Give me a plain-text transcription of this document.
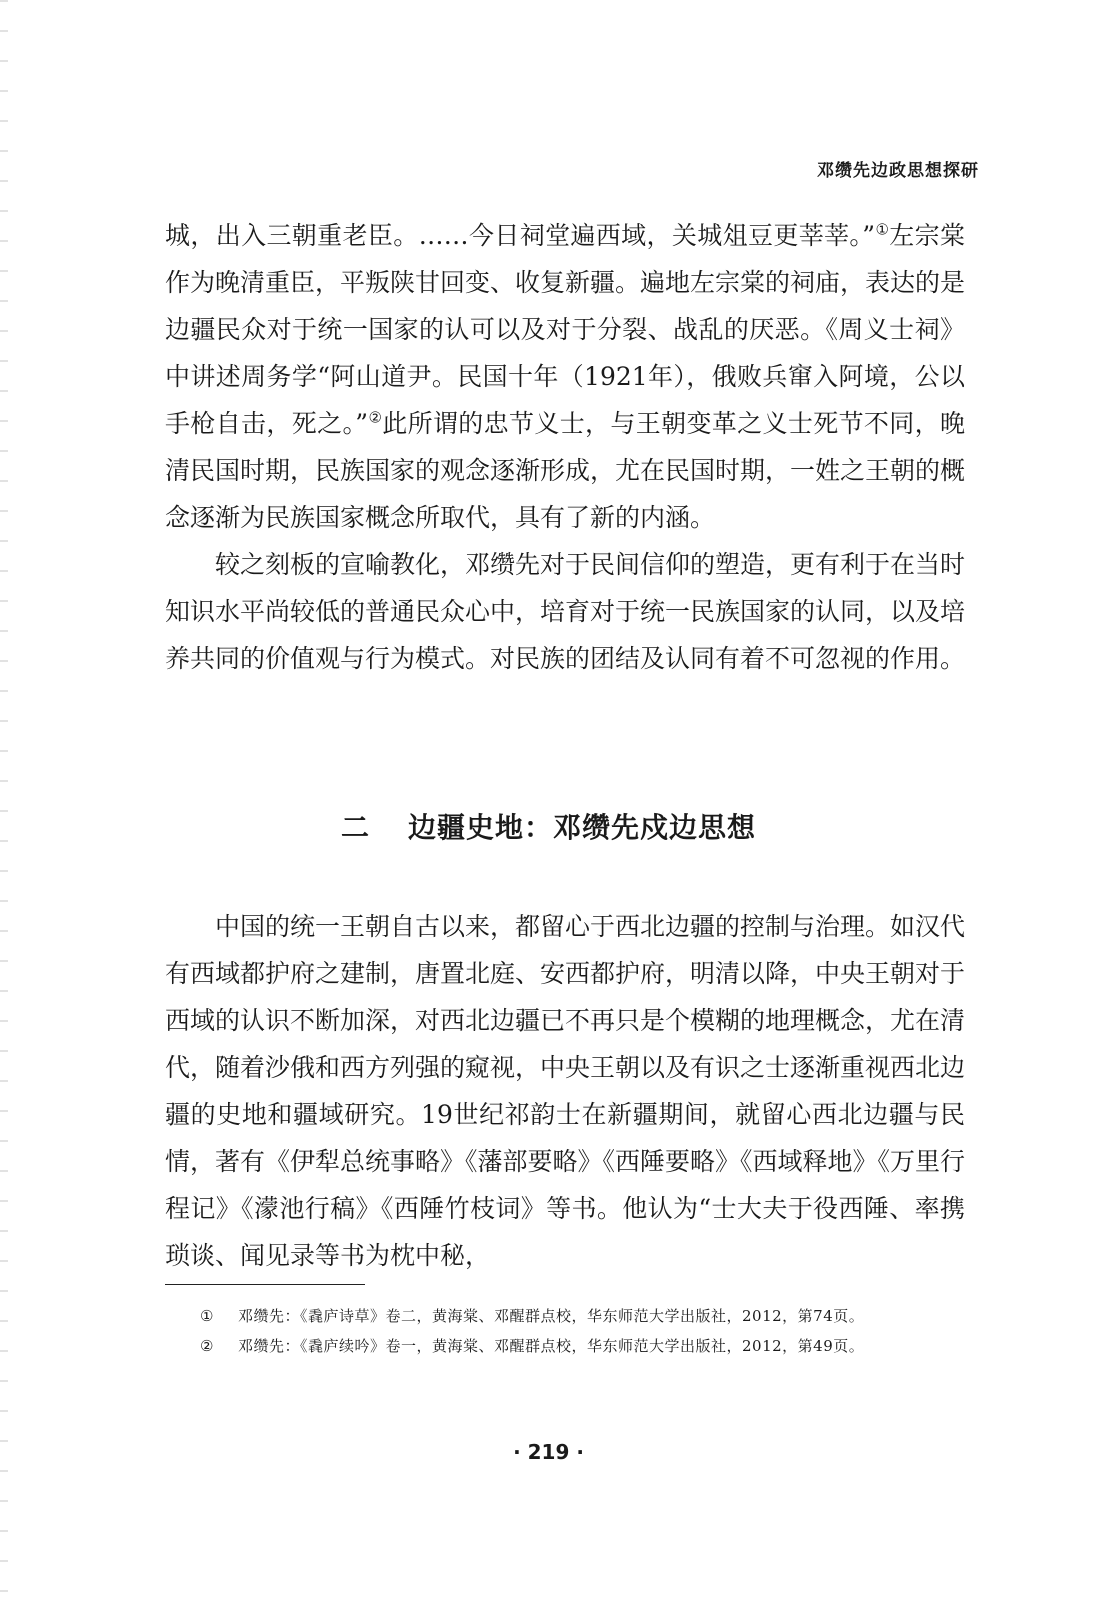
邓缵先边政思想探研

城，出入三朝重老臣。……今日祠堂遍西域，关城俎豆更莘莘。”①左宗棠作为晚清重臣，平叛陕甘回变、收复新疆。遍地左宗棠的祠庙，表达的是边疆民众对于统一国家的认可以及对于分裂、战乱的厌恶。《周义士祠》中讲述周务学“阿山道尹。民国十年（1921年），俄败兵窜入阿境，公以手枪自击，死之。”②此所谓的忠节义士，与王朝变革之义士死节不同，晚清民国时期，民族国家的观念逐渐形成，尤在民国时期，一姓之王朝的概念逐渐为民族国家概念所取代，具有了新的内涵。

较之刻板的宣喻教化，邓缵先对于民间信仰的塑造，更有利于在当时知识水平尚较低的普通民众心中，培育对于统一民族国家的认同，以及培养共同的价值观与行为模式。对民族的团结及认同有着不可忽视的作用。

二 边疆史地：邓缵先戍边思想

中国的统一王朝自古以来，都留心于西北边疆的控制与治理。如汉代有西域都护府之建制，唐置北庭、安西都护府，明清以降，中央王朝对于西域的认识不断加深，对西北边疆已不再只是个模糊的地理概念，尤在清代，随着沙俄和西方列强的窥视，中央王朝以及有识之士逐渐重视西北边疆的史地和疆域研究。19世纪祁韵士在新疆期间，就留心西北边疆与民情，著有《伊犁总统事略》《藩部要略》《西陲要略》《西域释地》《万里行程记》《濛池行稿》《西陲竹枝词》等书。他认为“士大夫于役西陲、率携琐谈、闻见录等书为枕中秘，

① 邓缵先：《毳庐诗草》卷二，黄海棠、邓醒群点校，华东师范大学出版社，2012，第74页。
② 邓缵先：《毳庐续吟》卷一，黄海棠、邓醒群点校，华东师范大学出版社，2012，第49页。
· 219 ·
